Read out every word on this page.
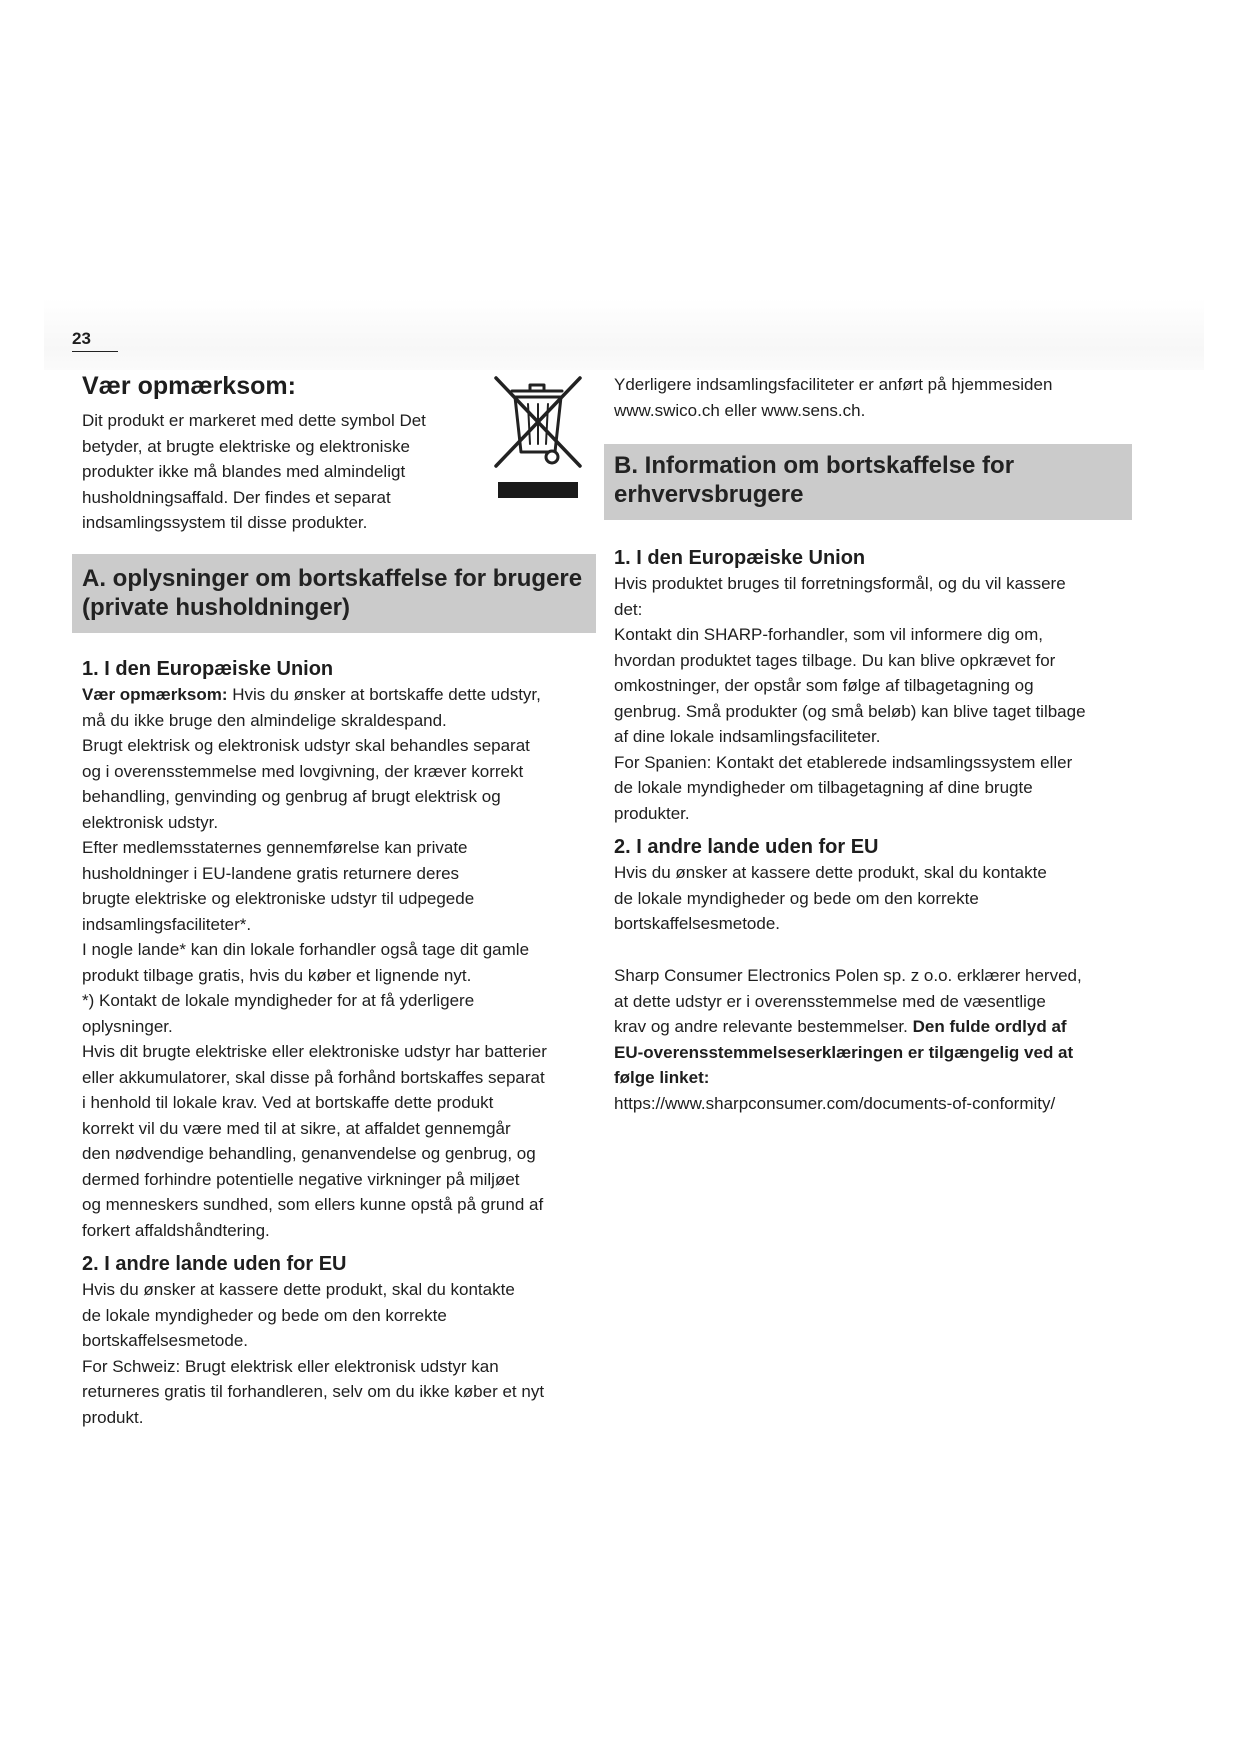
23
Vær opmærksom:

Dit produkt er markeret med dette symbol Det

betyder, at brugte elektriske og elektroniske

produkter ikke må blandes med almindeligt

husholdningsaffald. Der findes et separat

indsamlingssystem til disse produkter.

A. oplysninger om bortskaffelse for brugere
(private husholdninger)
1. I den Europæiske Union

Vær opmærksom: Hvis du ønsker at bortskaffe dette udstyr,

må du ikke bruge den almindelige skraldespand.

Brugt elektrisk og elektronisk udstyr skal behandles separat

og i overensstemmelse med lovgivning, der kræver korrekt

behandling, genvinding og genbrug af brugt elektrisk og

elektronisk udstyr.

Efter medlemsstaternes gennemførelse kan private

husholdninger i EU-landene gratis returnere deres

brugte elektriske og elektroniske udstyr til udpegede

indsamlingsfaciliteter*.

I nogle lande* kan din lokale forhandler også tage dit gamle

produkt tilbage gratis, hvis du køber et lignende nyt.

*) Kontakt de lokale myndigheder for at få yderligere

oplysninger.

Hvis dit brugte elektriske eller elektroniske udstyr har batterier

eller akkumulatorer, skal disse på forhånd bortskaffes separat

i henhold til lokale krav. Ved at bortskaffe dette produkt

korrekt vil du være med til at sikre, at affaldet gennemgår

den nødvendige behandling, genanvendelse og genbrug, og

dermed forhindre potentielle negative virkninger på miljøet

og menneskers sundhed, som ellers kunne opstå på grund af

forkert affaldshåndtering.

2. I andre lande uden for EU

Hvis du ønsker at kassere dette produkt, skal du kontakte

de lokale myndigheder og bede om den korrekte

bortskaffelsesmetode.

For Schweiz: Brugt elektrisk eller elektronisk udstyr kan

returneres gratis til forhandleren, selv om du ikke køber et nyt

produkt.

Yderligere indsamlingsfaciliteter er anført på hjemmesiden

www.swico.ch eller www.sens.ch.

B. Information om bortskaffelse for
erhvervsbrugere
1. I den Europæiske Union

Hvis produktet bruges til forretningsformål, og du vil kassere

det:

Kontakt din SHARP-forhandler, som vil informere dig om,

hvordan produktet tages tilbage. Du kan blive opkrævet for

omkostninger, der opstår som følge af tilbagetagning og

genbrug. Små produkter (og små beløb) kan blive taget tilbage

af dine lokale indsamlingsfaciliteter.

For Spanien: Kontakt det etablerede indsamlingssystem eller

de lokale myndigheder om tilbagetagning af dine brugte

produkter.

2. I andre lande uden for EU

Hvis du ønsker at kassere dette produkt, skal du kontakte

de lokale myndigheder og bede om den korrekte

bortskaffelsesmetode.

Sharp Consumer Electronics Polen sp. z o.o. erklærer herved,

at dette udstyr er i overensstemmelse med de væsentlige

krav og andre relevante bestemmelser. Den fulde ordlyd af

EU-overensstemmelseserklæringen er tilgængelig ved at

følge linket:

https://www.sharpconsumer.com/documents-of-conformity/
